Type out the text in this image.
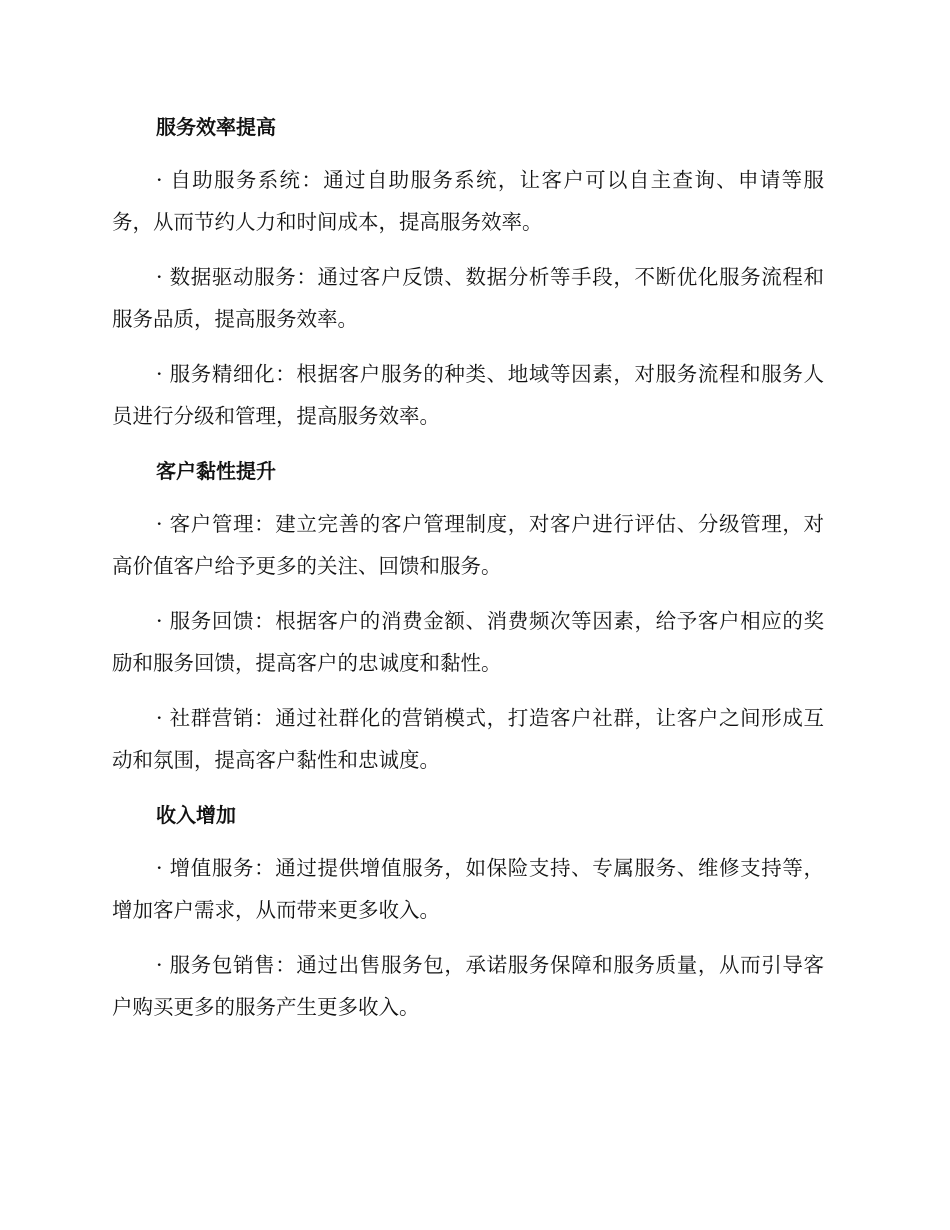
服务效率提高

· 自助服务系统：通过自助服务系统，让客户可以自主查询、申请等服务，从而节约人力和时间成本，提高服务效率。

· 数据驱动服务：通过客户反馈、数据分析等手段，不断优化服务流程和服务品质，提高服务效率。

· 服务精细化：根据客户服务的种类、地域等因素，对服务流程和服务人员进行分级和管理，提高服务效率。

客户黏性提升

· 客户管理：建立完善的客户管理制度，对客户进行评估、分级管理，对高价值客户给予更多的关注、回馈和服务。

· 服务回馈：根据客户的消费金额、消费频次等因素，给予客户相应的奖励和服务回馈，提高客户的忠诚度和黏性。

· 社群营销：通过社群化的营销模式，打造客户社群，让客户之间形成互动和氛围，提高客户黏性和忠诚度。

收入增加

· 增值服务：通过提供增值服务，如保险支持、专属服务、维修支持等，增加客户需求，从而带来更多收入。

· 服务包销售：通过出售服务包，承诺服务保障和服务质量，从而引导客户购买更多的服务产生更多收入。
